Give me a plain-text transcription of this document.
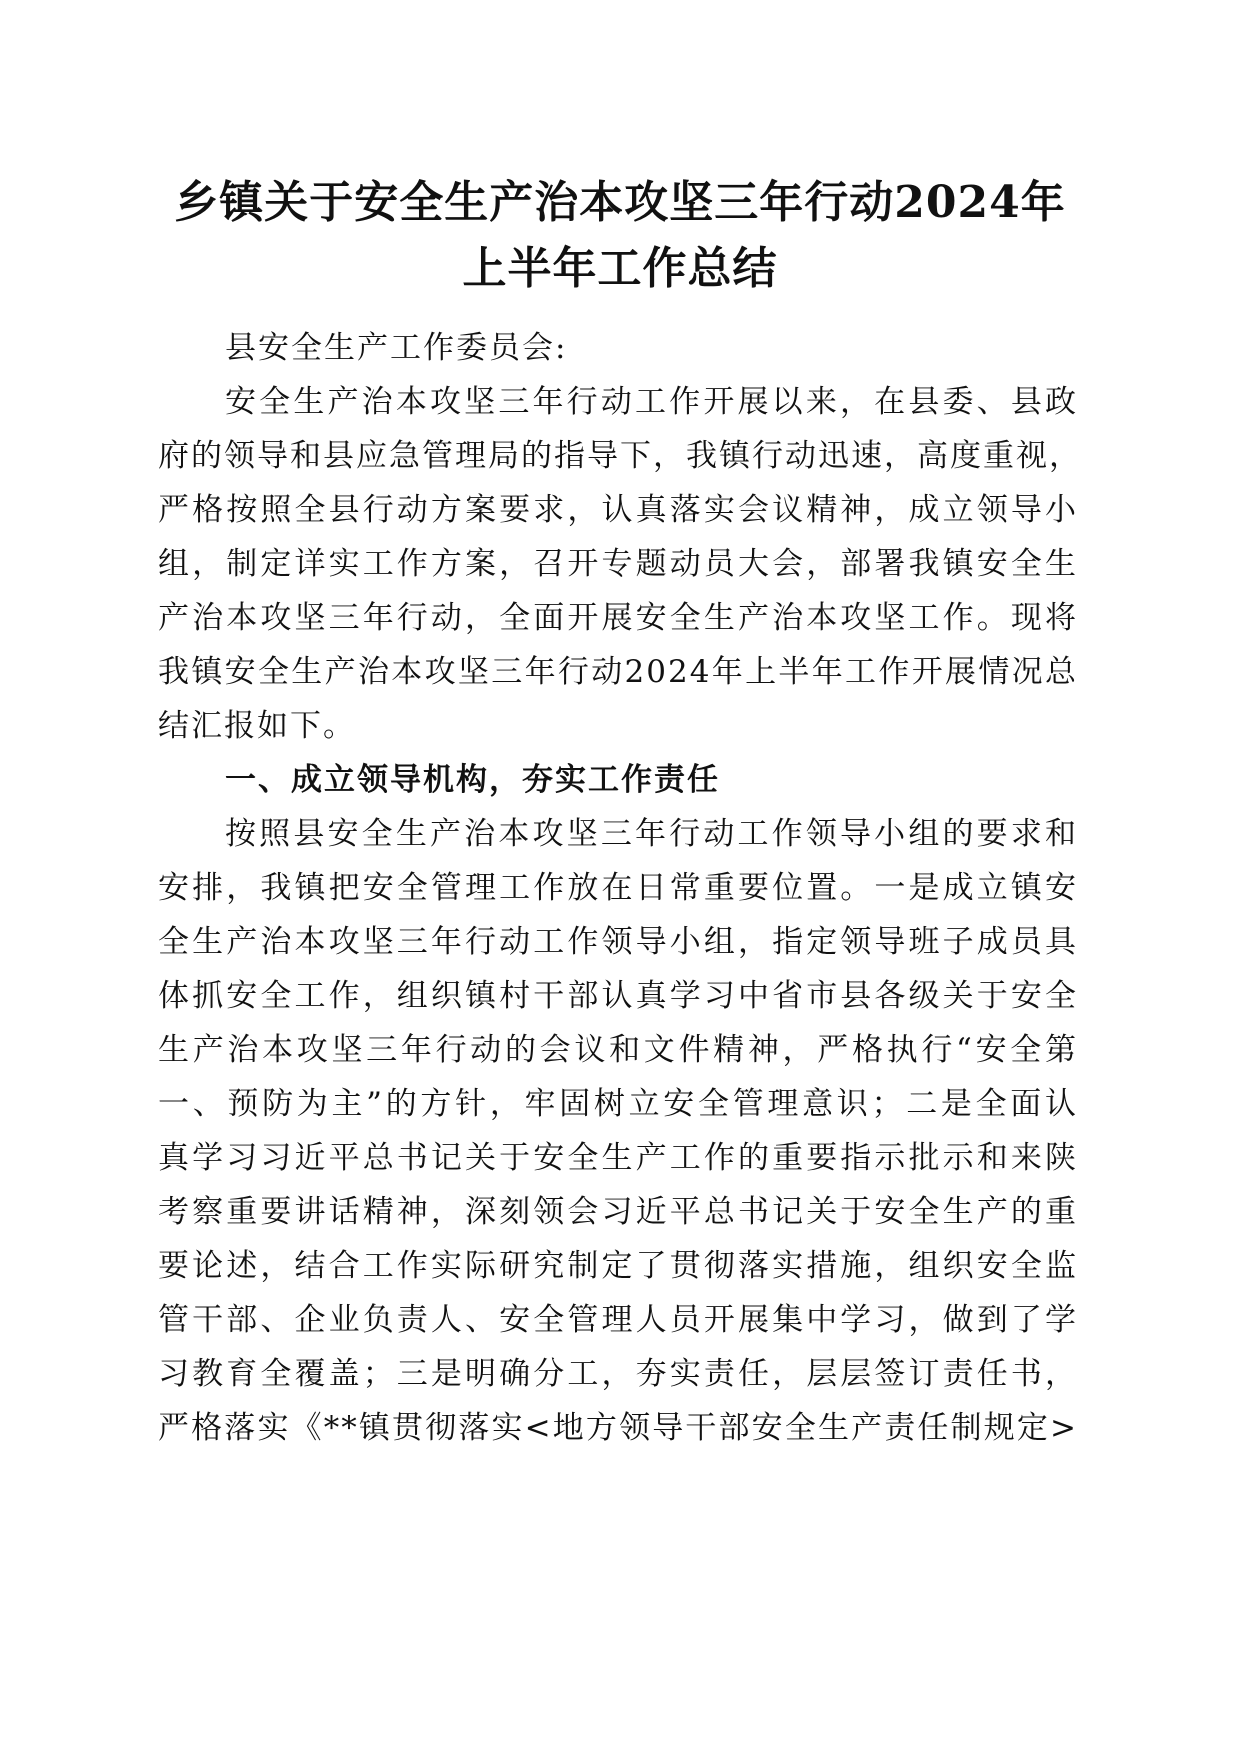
乡镇关于安全生产治本攻坚三年行动2024年
上半年工作总结

县安全生产工作委员会:

安全生产治本攻坚三年行动工作开展以来，在县委、县政
府的领导和县应急管理局的指导下，我镇行动迅速，高度重视，
严格按照全县行动方案要求，认真落实会议精神，成立领导小
组，制定详实工作方案，召开专题动员大会，部署我镇安全生
产治本攻坚三年行动，全面开展安全生产治本攻坚工作。现将
我镇安全生产治本攻坚三年行动2024年上半年工作开展情况总
结汇报如下。

一、成立领导机构，夯实工作责任

按照县安全生产治本攻坚三年行动工作领导小组的要求和
安排，我镇把安全管理工作放在日常重要位置。一是成立镇安
全生产治本攻坚三年行动工作领导小组，指定领导班子成员具
体抓安全工作，组织镇村干部认真学习中省市县各级关于安全
生产治本攻坚三年行动的会议和文件精神，严格执行“安全第
一、预防为主”的方针，牢固树立安全管理意识；二是全面认
真学习习近平总书记关于安全生产工作的重要指示批示和来陕
考察重要讲话精神，深刻领会习近平总书记关于安全生产的重
要论述，结合工作实际研究制定了贯彻落实措施，组织安全监
管干部、企业负责人、安全管理人员开展集中学习，做到了学
习教育全覆盖；三是明确分工，夯实责任，层层签订责任书，
严格落实《**镇贯彻落实<地方领导干部安全生产责任制规定>
